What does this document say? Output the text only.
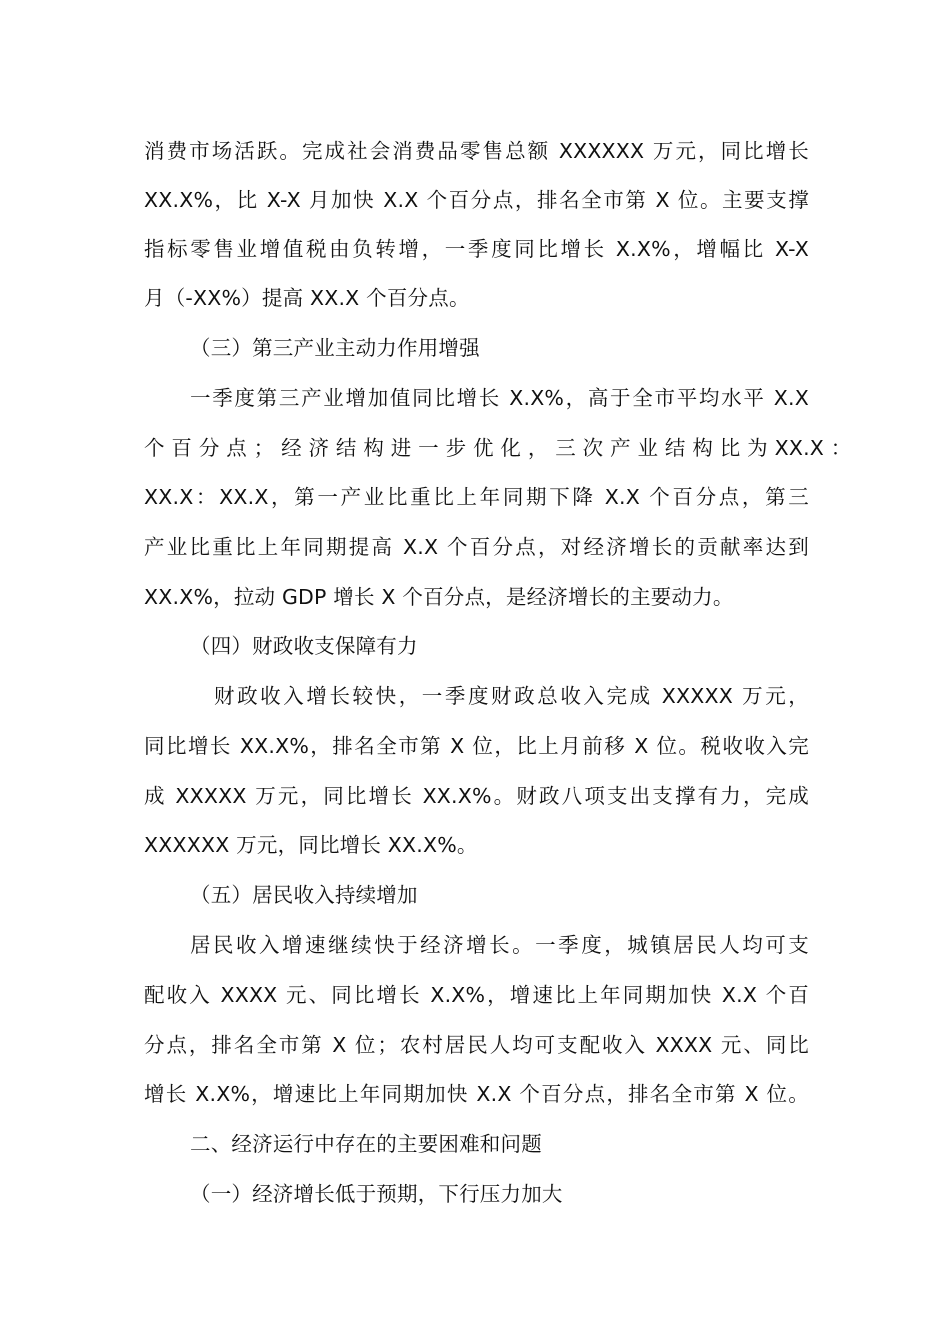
消费市场活跃。完成社会消费品零售总额 XXXXXX 万元，同比增长
XX.X%，比 X-X 月加快 X.X 个百分点，排名全市第 X 位。主要支撑
指标零售业增值税由负转增，一季度同比增长 X.X%，增幅比 X-X
月（-XX%）提高 XX.X 个百分点。
（三）第三产业主动力作用增强
一季度第三产业增加值同比增长 X.X%，高于全市平均水平 X.X
个 百 分 点 ； 经 济 结 构 进 一 步 优 化 ， 三 次 产 业 结 构 比 为 XX.X ：
XX.X：XX.X，第一产业比重比上年同期下降 X.X 个百分点，第三
产业比重比上年同期提高 X.X 个百分点，对经济增长的贡献率达到
XX.X%，拉动 GDP 增长 X 个百分点，是经济增长的主要动力。
（四）财政收支保障有力
财政收入增长较快，一季度财政总收入完成 XXXXX 万元，
同比增长 XX.X%，排名全市第 X 位，比上月前移 X 位。税收收入完
成 XXXXX 万元，同比增长 XX.X%。财政八项支出支撑有力，完成
XXXXXX 万元，同比增长 XX.X%。
（五）居民收入持续增加
居民收入增速继续快于经济增长。一季度，城镇居民人均可支
配收入 XXXX 元、同比增长 X.X%，增速比上年同期加快 X.X 个百
分点，排名全市第 X 位；农村居民人均可支配收入 XXXX 元、同比
增长 X.X%，增速比上年同期加快 X.X 个百分点，排名全市第 X 位。
二、经济运行中存在的主要困难和问题
（一）经济增长低于预期，下行压力加大
